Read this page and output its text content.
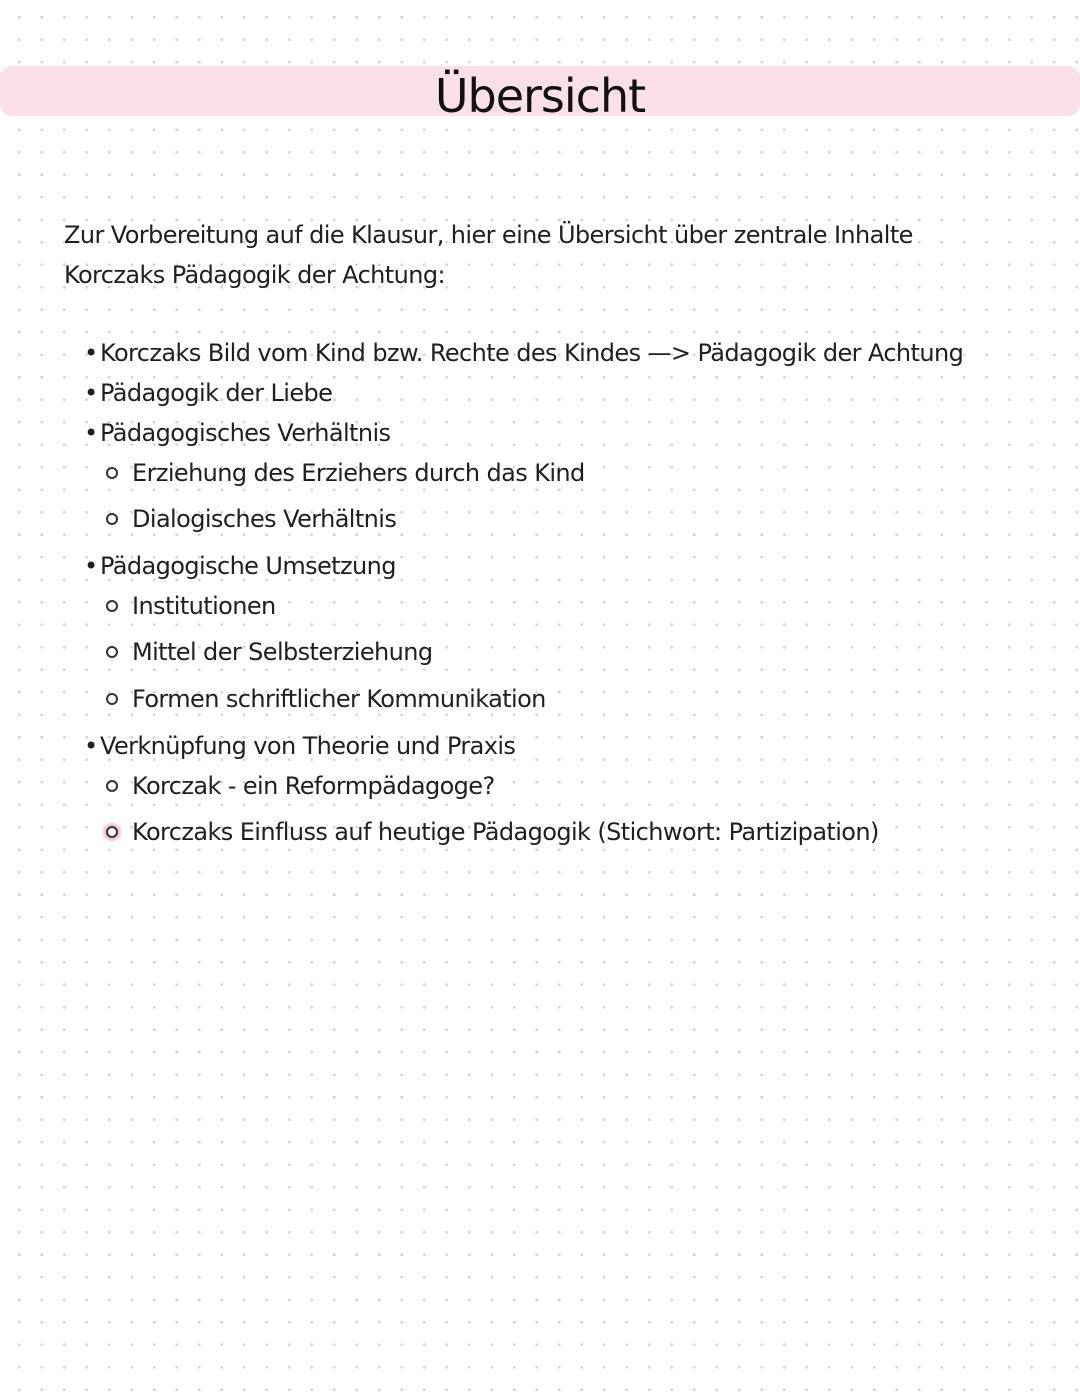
Übersicht
Zur Vorbereitung auf die Klausur, hier eine Übersicht über zentrale Inhalte Korczaks Pädagogik der Achtung:
• Korczaks Bild vom Kind bzw. Rechte des Kindes —> Pädagogik der Achtung
• Pädagogik der Liebe
• Pädagogisches Verhältnis
Erziehung des Erziehers durch das Kind
Dialogisches Verhältnis
• Pädagogische Umsetzung
Institutionen
Mittel der Selbsterziehung
Formen schriftlicher Kommunikation
• Verknüpfung von Theorie und Praxis
Korczak - ein Reformpädagoge?
Korczaks Einfluss auf heutige Pädagogik (Stichwort: Partizipation)
